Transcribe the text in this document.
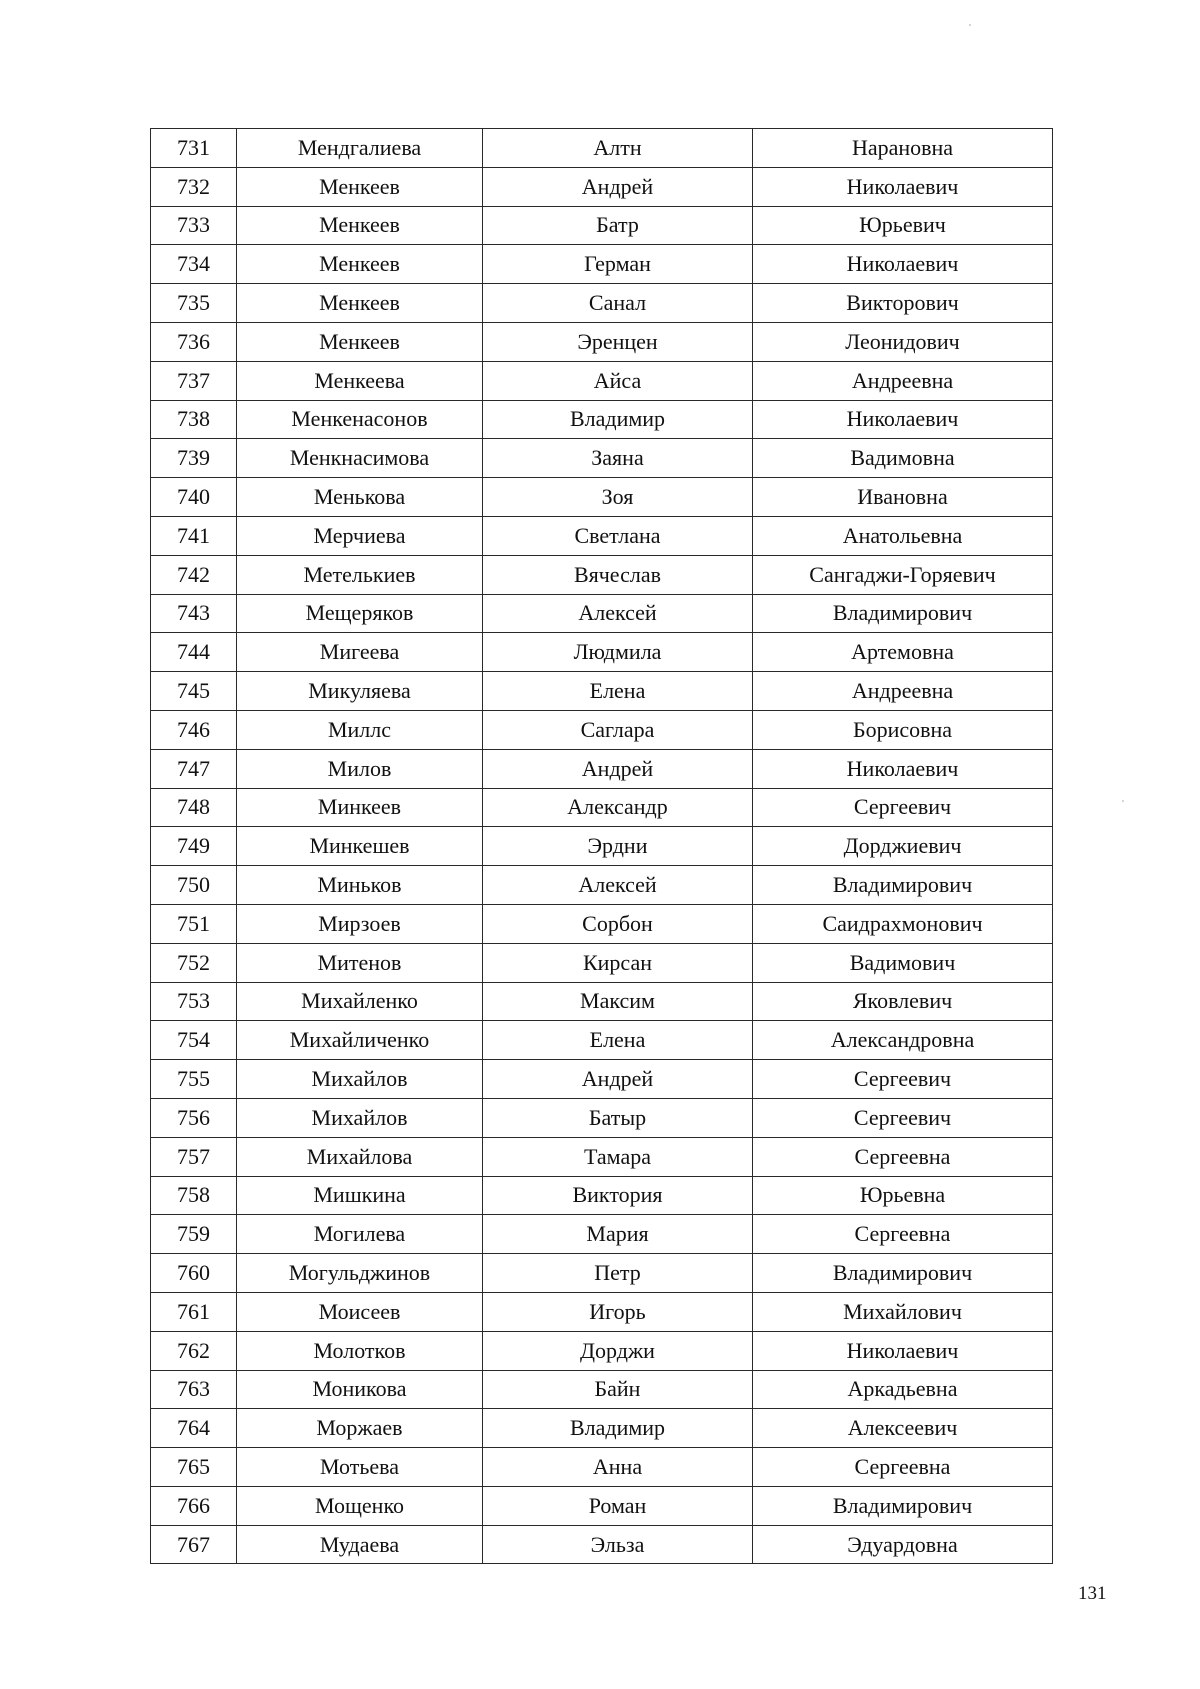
731	Мендгалиева	Алтн	Нарановна
732	Менкеев	Андрей	Николаевич
733	Менкеев	Батр	Юрьевич
734	Менкеев	Герман	Николаевич
735	Менкеев	Санал	Викторович
736	Менкеев	Эренцен	Леонидович
737	Менкеева	Айса	Андреевна
738	Менкенасонов	Владимир	Николаевич
739	Менкнасимова	Заяна	Вадимовна
740	Менькова	Зоя	Ивановна
741	Мерчиева	Светлана	Анатольевна
742	Метелькиев	Вячеслав	Сангаджи-Горяевич
743	Мещеряков	Алексей	Владимирович
744	Мигеева	Людмила	Артемовна
745	Микуляева	Елена	Андреевна
746	Миллс	Саглара	Борисовна
747	Милов	Андрей	Николаевич
748	Минкеев	Александр	Сергеевич
749	Минкешев	Эрдни	Дорджиевич
750	Миньков	Алексей	Владимирович
751	Мирзоев	Сорбон	Саидрахмонович
752	Митенов	Кирсан	Вадимович
753	Михайленко	Максим	Яковлевич
754	Михайличенко	Елена	Александровна
755	Михайлов	Андрей	Сергеевич
756	Михайлов	Батыр	Сергеевич
757	Михайлова	Тамара	Сергеевна
758	Мишкина	Виктория	Юрьевна
759	Могилева	Мария	Сергеевна
760	Могульджинов	Петр	Владимирович
761	Моисеев	Игорь	Михайлович
762	Молотков	Дорджи	Николаевич
763	Моникова	Байн	Аркадьевна
764	Моржаев	Владимир	Алексеевич
765	Мотьева	Анна	Сергеевна
766	Мощенко	Роман	Владимирович
767	Мудаева	Эльза	Эдуардовна
131
